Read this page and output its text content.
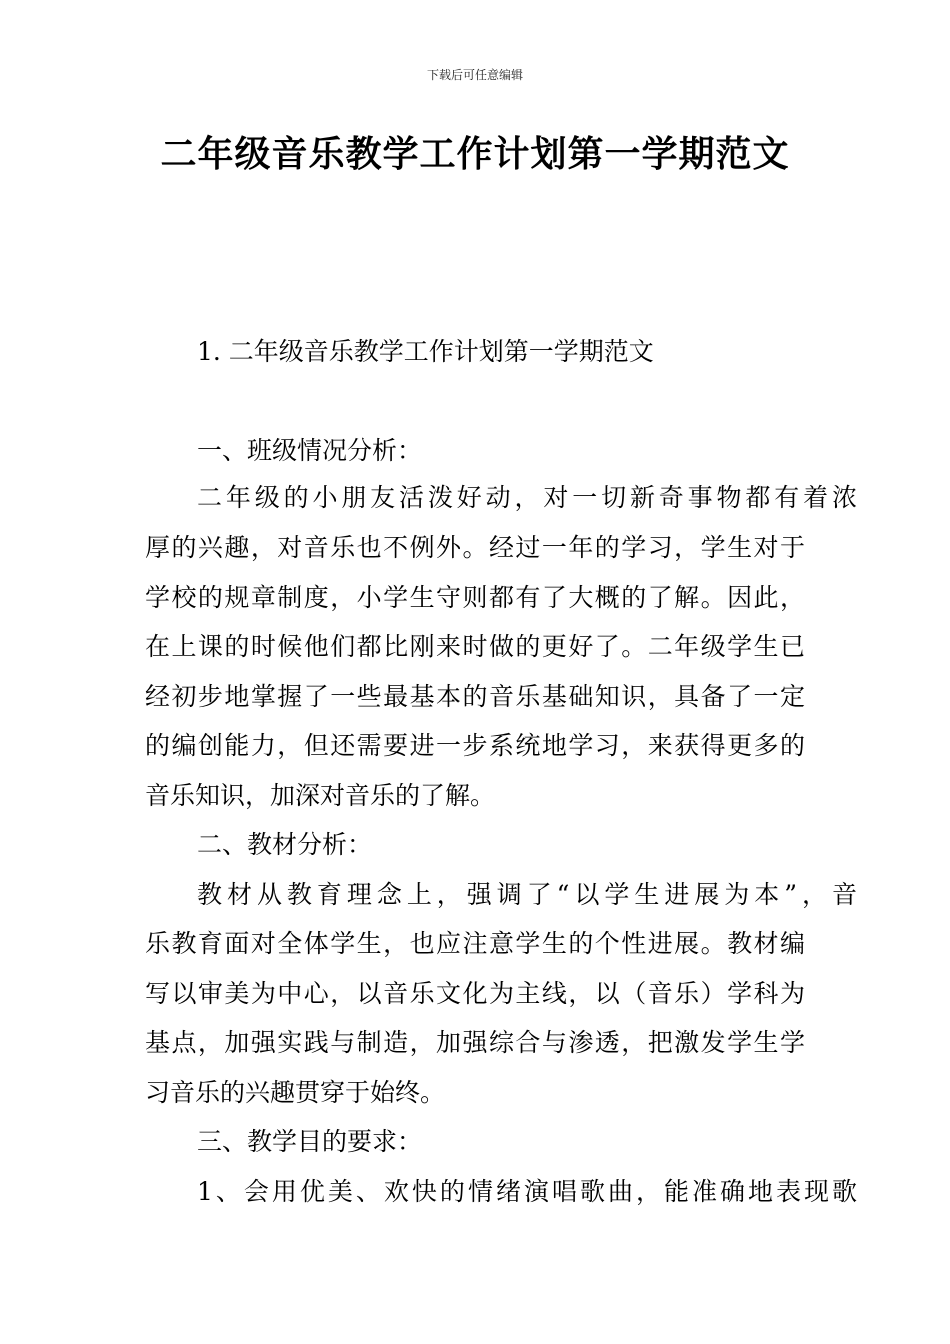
下载后可任意编辑
二年级音乐教学工作计划第一学期范文
1. 二年级音乐教学工作计划第一学期范文
一、班级情况分析：
二年级的小朋友活泼好动，对一切新奇事物都有着浓
厚的兴趣，对音乐也不例外。经过一年的学习，学生对于
学校的规章制度，小学生守则都有了大概的了解。因此，
在上课的时候他们都比刚来时做的更好了。二年级学生已
经初步地掌握了一些最基本的音乐基础知识，具备了一定
的编创能力，但还需要进一步系统地学习，来获得更多的
音乐知识，加深对音乐的了解。
二、教材分析：
教材从教育理念上，强调了“以学生进展为本”，音
乐教育面对全体学生，也应注意学生的个性进展。教材编
写以审美为中心，以音乐文化为主线，以（音乐）学科为
基点，加强实践与制造，加强综合与渗透，把激发学生学
习音乐的兴趣贯穿于始终。
三、教学目的要求：
1、会用优美、欢快的情绪演唱歌曲，能准确地表现歌
